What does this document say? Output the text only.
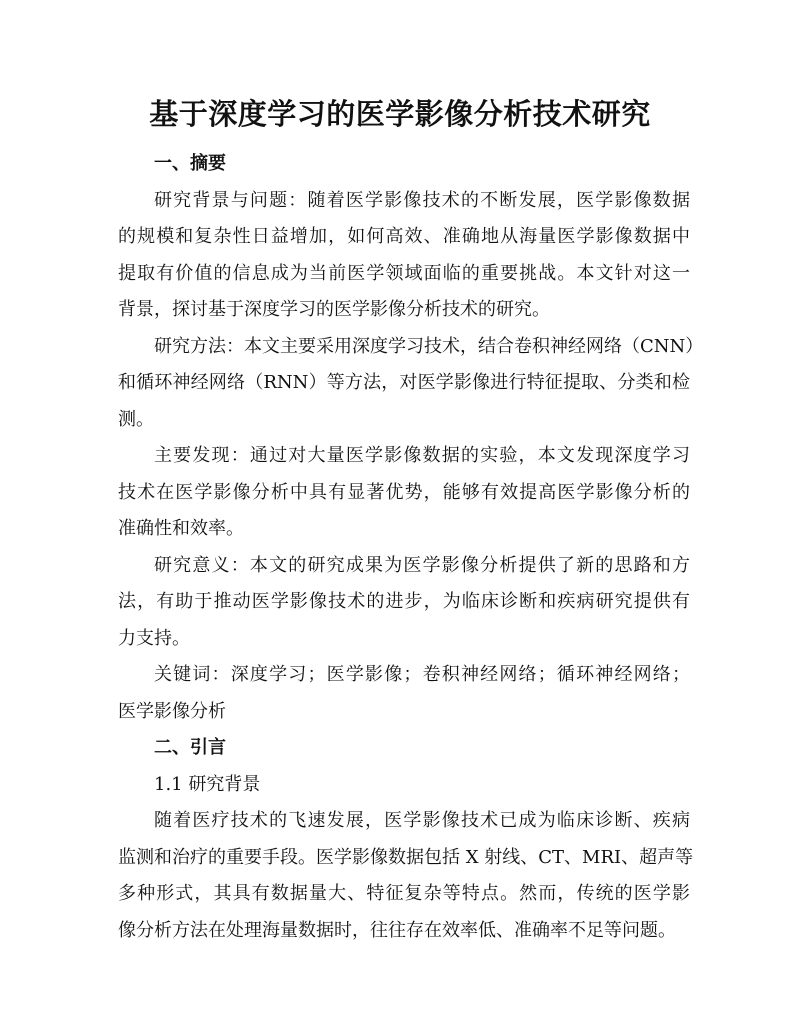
基于深度学习的医学影像分析技术研究
一、摘要
研究背景与问题：随着医学影像技术的不断发展，医学影像数据
的规模和复杂性日益增加，如何高效、准确地从海量医学影像数据中
提取有价值的信息成为当前医学领域面临的重要挑战。本文针对这一
背景，探讨基于深度学习的医学影像分析技术的研究。
研究方法：本文主要采用深度学习技术，结合卷积神经网络（CNN）
和循环神经网络（RNN）等方法，对医学影像进行特征提取、分类和检
测。
主要发现：通过对大量医学影像数据的实验，本文发现深度学习
技术在医学影像分析中具有显著优势，能够有效提高医学影像分析的
准确性和效率。
研究意义：本文的研究成果为医学影像分析提供了新的思路和方
法，有助于推动医学影像技术的进步，为临床诊断和疾病研究提供有
力支持。
关键词：深度学习；医学影像；卷积神经网络；循环神经网络；
医学影像分析
二、引言
1.1 研究背景
随着医疗技术的飞速发展，医学影像技术已成为临床诊断、疾病
监测和治疗的重要手段。医学影像数据包括 X 射线、CT、MRI、超声等
多种形式，其具有数据量大、特征复杂等特点。然而，传统的医学影
像分析方法在处理海量数据时，往往存在效率低、准确率不足等问题。
